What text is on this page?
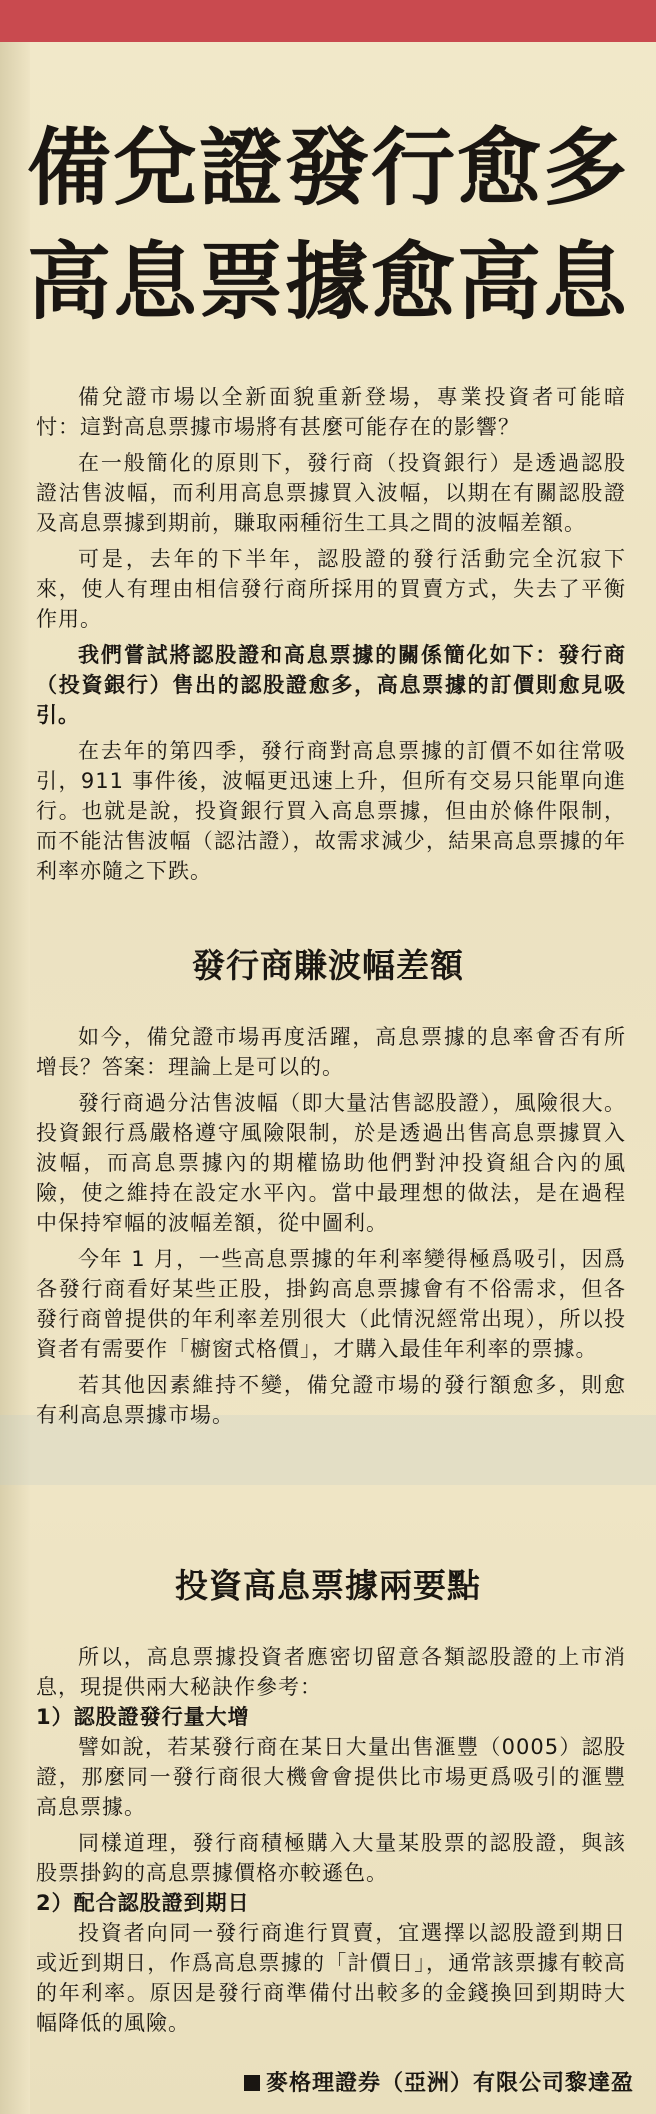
備兌證發行愈多
高息票據愈高息

備兌證市場以全新面貌重新登場，專業投資者可能暗忖：這對高息票據市場將有甚麼可能存在的影響？

在一般簡化的原則下，發行商（投資銀行）是透過認股證沽售波幅，而利用高息票據買入波幅，以期在有關認股證及高息票據到期前，賺取兩種衍生工具之間的波幅差額。

可是，去年的下半年，認股證的發行活動完全沉寂下來，使人有理由相信發行商所採用的買賣方式，失去了平衡作用。

我們嘗試將認股證和高息票據的關係簡化如下：發行商（投資銀行）售出的認股證愈多，高息票據的訂價則愈見吸引。

在去年的第四季，發行商對高息票據的訂價不如往常吸引，911 事件後，波幅更迅速上升，但所有交易只能單向進行。也就是說，投資銀行買入高息票據，但由於條件限制，而不能沽售波幅（認沽證），故需求減少，結果高息票據的年利率亦隨之下跌。

發行商賺波幅差額

如今，備兌證市場再度活躍，高息票據的息率會否有所增長？答案：理論上是可以的。

發行商過分沽售波幅（即大量沽售認股證），風險很大。投資銀行爲嚴格遵守風險限制，於是透過出售高息票據買入波幅，而高息票據內的期權協助他們對沖投資組合內的風險，使之維持在設定水平內。當中最理想的做法，是在過程中保持窄幅的波幅差額，從中圖利。

今年 1 月，一些高息票據的年利率變得極爲吸引，因爲各發行商看好某些正股，掛鈎高息票據會有不俗需求，但各發行商曾提供的年利率差別很大（此情況經常出現），所以投資者有需要作「櫥窗式格價」，才購入最佳年利率的票據。

若其他因素維持不變，備兌證市場的發行額愈多，則愈有利高息票據市場。

投資高息票據兩要點

所以，高息票據投資者應密切留意各類認股證的上市消息，現提供兩大秘訣作參考：

1）認股證發行量大增

譬如說，若某發行商在某日大量出售滙豐（0005）認股證，那麼同一發行商很大機會會提供比市場更爲吸引的滙豐高息票據。

同樣道理，發行商積極購入大量某股票的認股證，與該股票掛鈎的高息票據價格亦較遜色。

2）配合認股證到期日

投資者向同一發行商進行買賣，宜選擇以認股證到期日或近到期日，作爲高息票據的「計價日」，通常該票據有較高的年利率。原因是發行商準備付出較多的金錢換回到期時大幅降低的風險。

麥格理證券（亞洲）有限公司黎達盈
